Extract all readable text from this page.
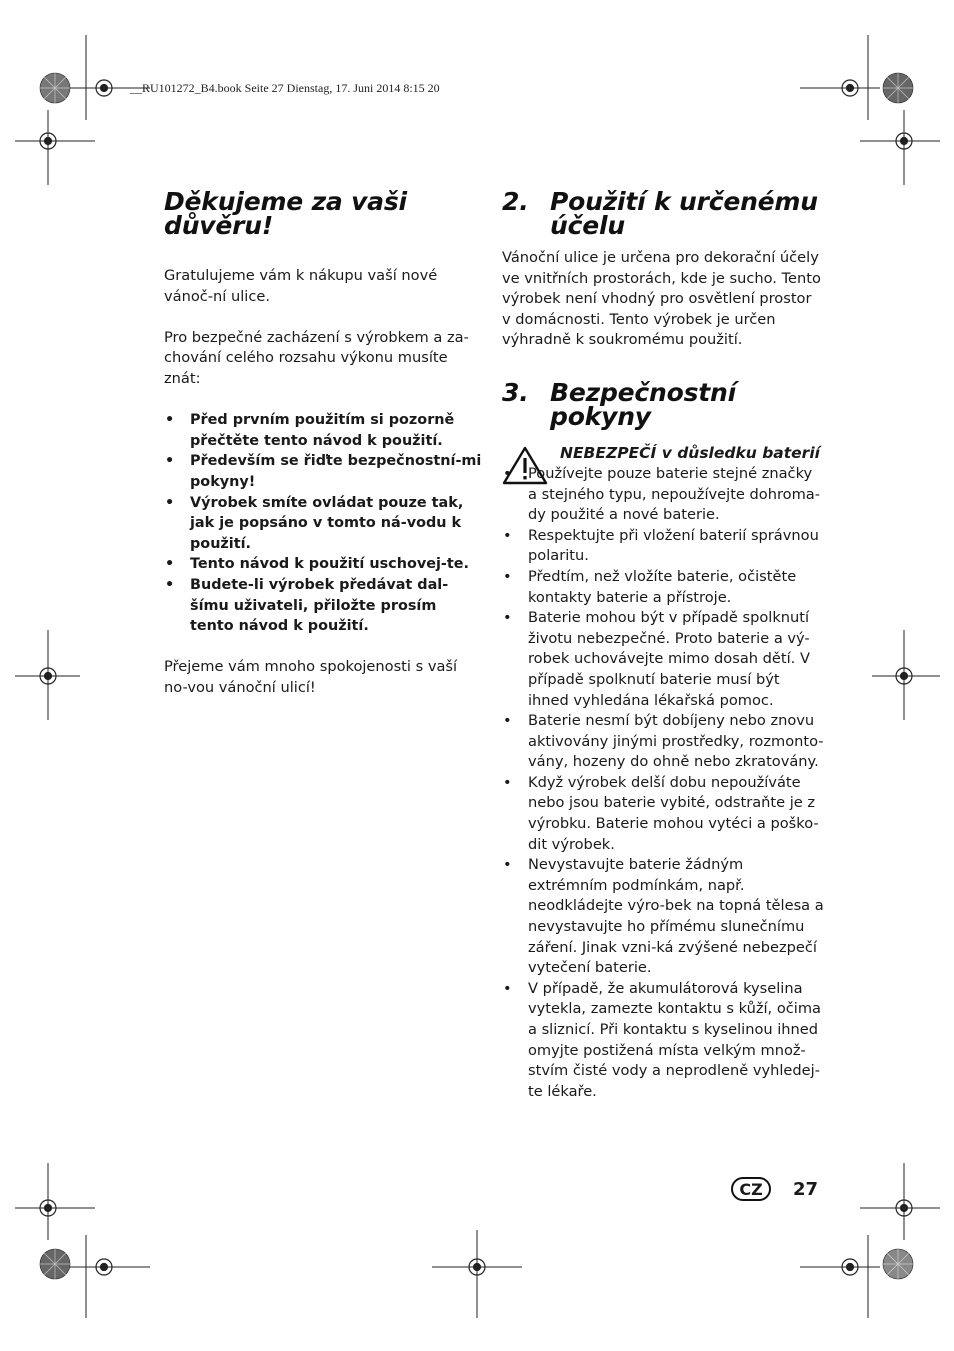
__RU101272_B4.book Seite 27 Dienstag, 17. Juni 2014 8:15 20
Děkujeme za vaši důvěru!

Gratulujeme vám k nákupu vaší nové vánoč-ní ulice.

Pro bezpečné zacházení s výrobkem a za-chování celého rozsahu výkonu musíte znát:

• Před prvním použitím si pozorně přečtěte tento návod k použití.
• Především se řiďte bezpečnostní-mi pokyny!
• Výrobek smíte ovládat pouze tak, jak je popsáno v tomto ná-vodu k použití.
• Tento návod k použití uschovej-te.
• Budete-li výrobek předávat dal-šímu uživateli, přiložte prosím tento návod k použití.

Přejeme vám mnoho spokojenosti s vaší no-vou vánoční ulicí!

2. Použití k určenému účelu

Vánoční ulice je určena pro dekorační účely ve vnitřních prostorách, kde je sucho. Tento výrobek není vhodný pro osvětlení prostor v domácnosti. Tento výrobek je určen výhradně k soukromému použití.

3. Bezpečnostní pokyny
NEBEZPEČÍ v důsledku baterií
• Používejte pouze baterie stejné značky a stejného typu, nepoužívejte dohroma-dy použité a nové baterie.
• Respektujte při vložení baterií správnou polaritu.
• Předtím, než vložíte baterie, očistěte kontakty baterie a přístroje.
• Baterie mohou být v případě spolknutí životu nebezpečné. Proto baterie a vý-robek uchovávejte mimo dosah dětí. V případě spolknutí baterie musí být ihned vyhledána lékařská pomoc.
• Baterie nesmí být dobíjeny nebo znovu aktivovány jinými prostředky, rozmonto-vány, hozeny do ohně nebo zkratovány.
• Když výrobek delší dobu nepoužíváte nebo jsou baterie vybité, odstraňte je z výrobku. Baterie mohou vytéci a poško-dit výrobek.
• Nevystavujte baterie žádným extrémním podmínkám, např. neodkládejte výro-bek na topná tělesa a nevystavujte ho přímému slunečnímu záření. Jinak vzni-ká zvýšené nebezpečí vytečení baterie.
• V případě, že akumulátorová kyselina vytekla, zamezte kontaktu s kůží, očima a sliznicí. Při kontaktu s kyselinou ihned omyjte postižená místa velkým množ-stvím čisté vody a neprodleně vyhledej-te lékaře.
CZ	27
